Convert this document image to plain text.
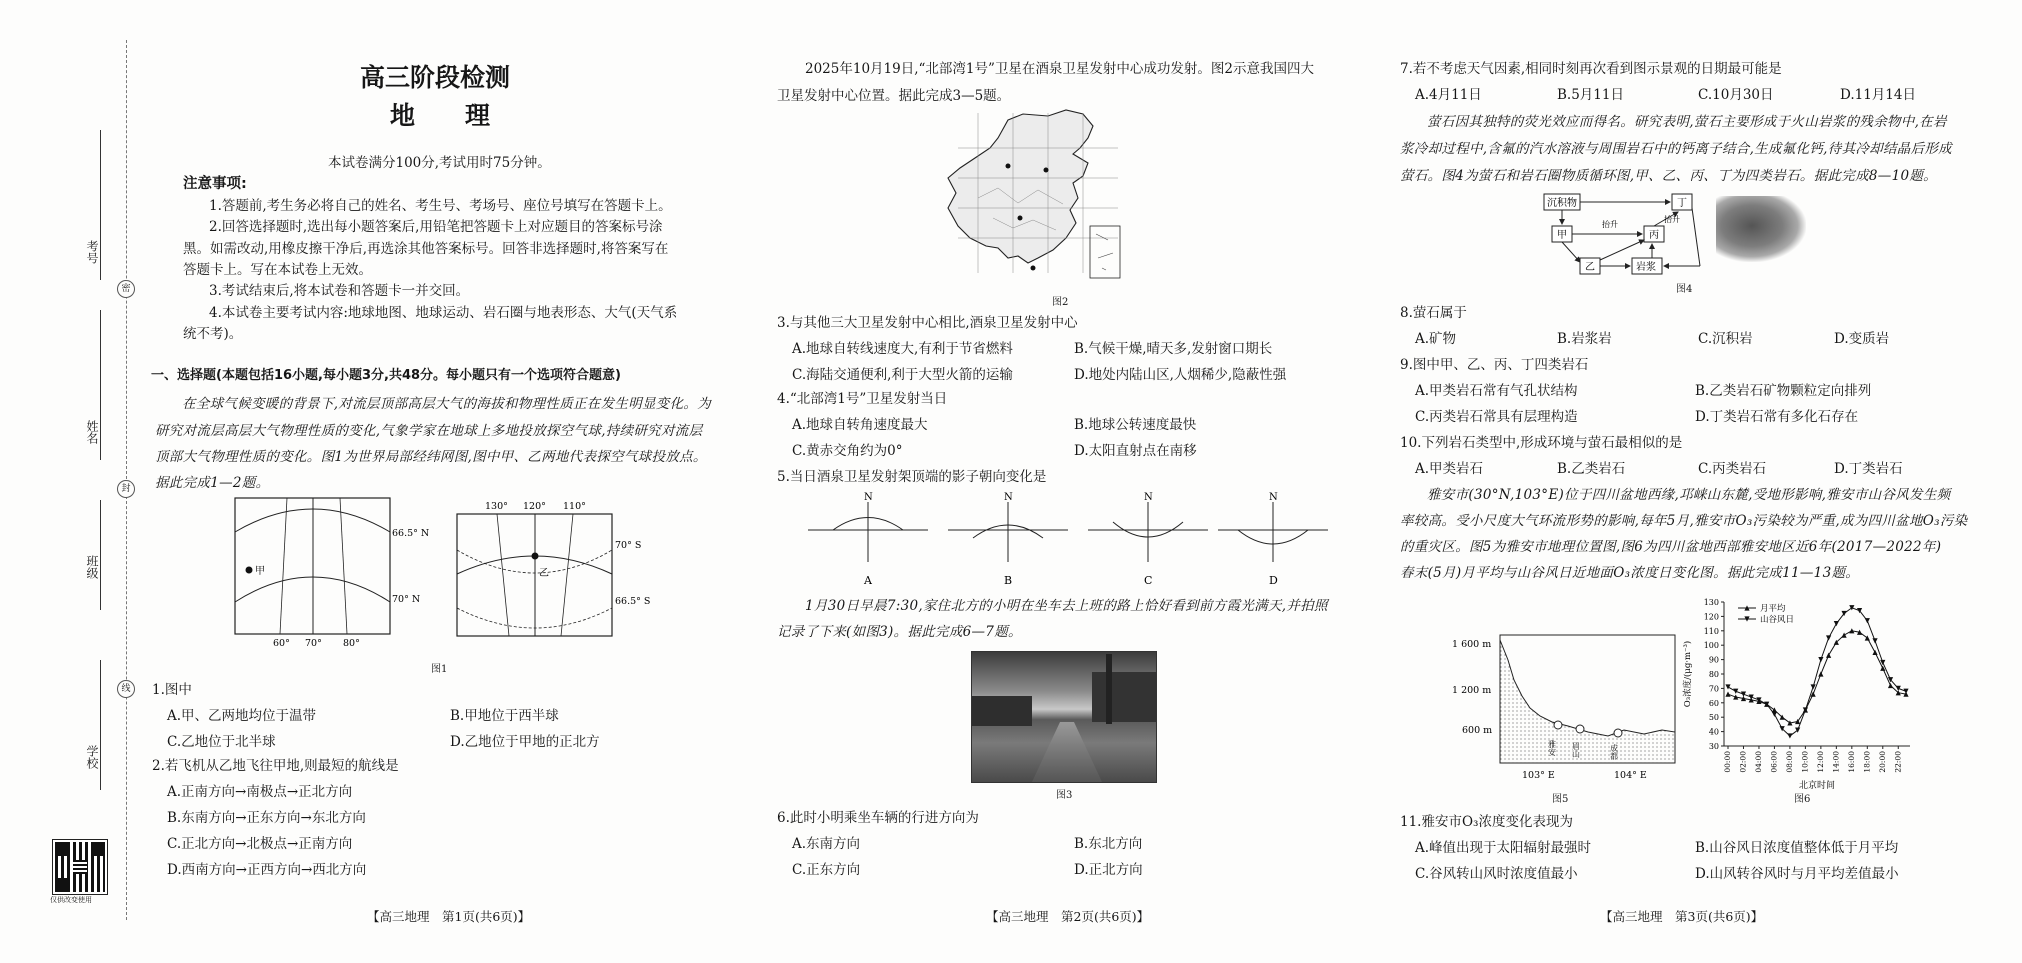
密
封
线
考号
姓名
班级
学校
仅供改变使用
高三阶段检测
地　　理
本试卷满分100分,考试用时75分钟。
注意事项:
1.答题前,考生务必将自己的姓名、考生号、考场号、座位号填写在答题卡上。
2.回答选择题时,选出每小题答案后,用铅笔把答题卡上对应题目的答案标号涂
黑。如需改动,用橡皮擦干净后,再选涂其他答案标号。回答非选择题时,将答案写在
答题卡上。写在本试卷上无效。
3.考试结束后,将本试卷和答题卡一并交回。
4.本试卷主要考试内容:地球地图、地球运动、岩石圈与地表形态、大气(天气系
统不考)。
一、选择题(本题包括16小题,每小题3分,共48分。每小题只有一个选项符合题意)
在全球气候变暖的背景下,对流层顶部高层大气的海拔和物理性质正在发生明显变化。为
研究对流层高层大气物理性质的变化,气象学家在地球上多地投放探空气球,持续研究对流层
顶部大气物理性质的变化。图1为世界局部经纬网图,图中甲、乙两地代表探空气球投放点。
据此完成1—2题。
甲
66.5° N
70° N
60° 70° 80°
乙
130° 120° 110°
70° S
66.5° S
图1
1.图中
A.甲、乙两地均位于温带	B.甲地位于西半球
C.乙地位于北半球	D.乙地位于甲地的正北方
2.若飞机从乙地飞往甲地,则最短的航线是
A.正南方向→南极点→正北方向
B.东南方向→正东方向→东北方向
C.正北方向→北极点→正南方向
D.西南方向→正西方向→西北方向
【高三地理　第1页(共6页)】
2025年10月19日,“北部湾1号”卫星在酒泉卫星发射中心成功发射。图2示意我国四大
卫星发射中心位置。据此完成3—5题。
图2
3.与其他三大卫星发射中心相比,酒泉卫星发射中心
A.地球自转线速度大,有利于节省燃料	B.气候干燥,晴天多,发射窗口期长
C.海陆交通便利,利于大型火箭的运输	D.地处内陆山区,人烟稀少,隐蔽性强
4.“北部湾1号”卫星发射当日
A.地球自转角速度最大	B.地球公转速度最快
C.黄赤交角约为0°	D.太阳直射点在南移
5.当日酒泉卫星发射架顶端的影子朝向变化是
N
A
N
B
N
C
N
D
1月30日早晨7:30,家住北方的小明在坐车去上班的路上恰好看到前方霞光满天,并拍照
记录了下来(如图3)。据此完成6—7题。
图3
6.此时小明乘坐车辆的行进方向为
A.东南方向	B.东北方向
C.正东方向	D.正北方向
【高三地理　第2页(共6页)】
7.若不考虑天气因素,相同时刻再次看到图示景观的日期最可能是
A.4月11日	B.5月11日	C.10月30日	D.11月14日
萤石因其独特的荧光效应而得名。研究表明,萤石主要形成于火山岩浆的残余物中,在岩
浆冷却过程中,含氟的汽水溶液与周围岩石中的钙离子结合,生成氟化钙,待其冷却结晶后形成
萤石。图4为萤石和岩石圈物质循环图,甲、乙、丙、丁为四类岩石。据此完成8—10题。
沉积物	丁
甲	丙
乙	岩浆
抬升
抬升
图4
8.萤石属于
A.矿物	B.岩浆岩	C.沉积岩	D.变质岩
9.图中甲、乙、丙、丁四类岩石
A.甲类岩石常有气孔状结构	B.乙类岩石矿物颗粒定向排列
C.丙类岩石常具有层理构造	D.丁类岩石常有多化石存在
10.下列岩石类型中,形成环境与萤石最相似的是
A.甲类岩石	B.乙类岩石	C.丙类岩石	D.丁类岩石
雅安市(30°N,103°E)位于四川盆地西缘,邛崃山东麓,受地形影响,雅安市山谷风发生频
率较高。受小尺度大气环流形势的影响,每年5月,雅安市O₃污染较为严重,成为四川盆地O₃污染
的重灾区。图5为雅安市地理位置图,图6为四川盆地西部雅安地区近6年(2017—2022年)
春末(5月)月平均与山谷风日近地面O₃浓度日变化图。据此完成11—13题。
1 600 m
1 200 m
600 m
103° E	104° E
雅安 眉山	成都
图5
30
40
50
60
70
80
90
100
110
120
130
00:00 02:00 04:00 06:00 08:00 10:00 12:00 14:00 16:00 18:00 20:00 22:00
O₃浓度/(μg·m⁻³)
北京时间
月平均
山谷风日
图6
11.雅安市O₃浓度变化表现为
A.峰值出现于太阳辐射最强时	B.山谷风日浓度值整体低于月平均
C.谷风转山风时浓度值最小	D.山风转谷风时与月平均差值最小
【高三地理　第3页(共6页)】
